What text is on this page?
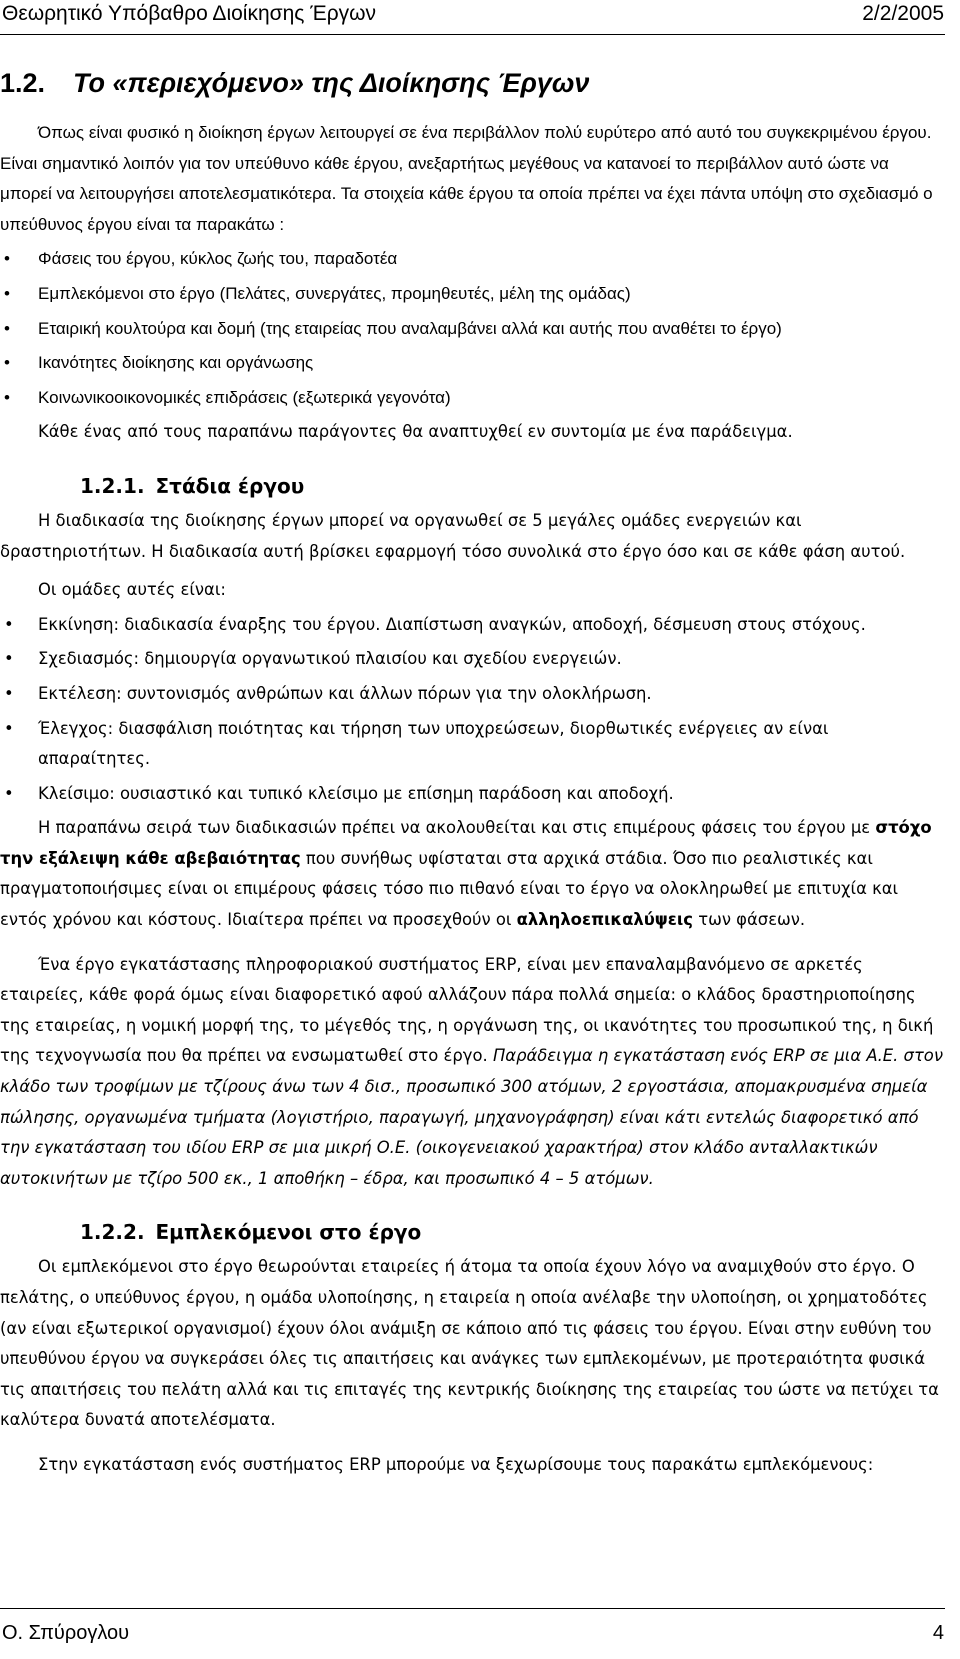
Θεωρητικό Υπόβαθρο Διοίκησης Έργων	2/2/2005
1.2. Το «περιεχόμενο» της Διοίκησης Έργων

Όπως είναι φυσικό η διοίκηση έργων λειτουργεί σε ένα περιβάλλον πολύ ευρύτερο από αυτό του συγκεκριμένου έργου. Είναι σημαντικό λοιπόν για τον υπεύθυνο κάθε έργου, ανεξαρτήτως μεγέθους να κατανοεί το περιβάλλον αυτό ώστε να μπορεί να λειτουργήσει αποτελεσματικότερα. Τα στοιχεία κάθε έργου τα οποία πρέπει να έχει πάντα υπόψη στο σχεδιασμό ο υπεύθυνος έργου είναι τα παρακάτω :

• Φάσεις του έργου, κύκλος ζωής του, παραδοτέα
• Εμπλεκόμενοι στο έργο (Πελάτες, συνεργάτες, προμηθευτές, μέλη της ομάδας)
• Εταιρική κουλτούρα και δομή (της εταιρείας που αναλαμβάνει αλλά και αυτής που αναθέτει το έργο)
• Ικανότητες διοίκησης και οργάνωσης
• Κοινωνικοοικονομικές επιδράσεις (εξωτερικά γεγονότα)

Κάθε ένας από τους παραπάνω παράγοντες θα αναπτυχθεί εν συντομία με ένα παράδειγμα.

1.2.1. Στάδια έργου

Η διαδικασία της διοίκησης έργων μπορεί να οργανωθεί σε 5 μεγάλες ομάδες ενεργειών και δραστηριοτήτων. Η διαδικασία αυτή βρίσκει εφαρμογή τόσο συνολικά στο έργο όσο και σε κάθε φάση αυτού.

Οι ομάδες αυτές είναι:

• Εκκίνηση: διαδικασία έναρξης του έργου. Διαπίστωση αναγκών, αποδοχή, δέσμευση στους στόχους.
• Σχεδιασμός: δημιουργία οργανωτικού πλαισίου και σχεδίου ενεργειών.
• Εκτέλεση: συντονισμός ανθρώπων και άλλων πόρων για την ολοκλήρωση.
• Έλεγχος: διασφάλιση ποιότητας και τήρηση των υποχρεώσεων, διορθωτικές ενέργειες αν είναι απαραίτητες.
• Κλείσιμο: ουσιαστικό και τυπικό κλείσιμο με επίσημη παράδοση και αποδοχή.

Η παραπάνω σειρά των διαδικασιών πρέπει να ακολουθείται και στις επιμέρους φάσεις του έργου με στόχο την εξάλειψη κάθε αβεβαιότητας που συνήθως υφίσταται στα αρχικά στάδια. Όσο πιο ρεαλιστικές και πραγματοποιήσιμες είναι οι επιμέρους φάσεις τόσο πιο πιθανό είναι το έργο να ολοκληρωθεί με επιτυχία και εντός χρόνου και κόστους. Ιδιαίτερα πρέπει να προσεχθούν οι αλληλοεπικαλύψεις των φάσεων.

Ένα έργο εγκατάστασης πληροφοριακού συστήματος ERP, είναι μεν επαναλαμβανόμενο σε αρκετές εταιρείες, κάθε φορά όμως είναι διαφορετικό αφού αλλάζουν πάρα πολλά σημεία: ο κλάδος δραστηριοποίησης της εταιρείας, η νομική μορφή της, το μέγεθός της, η οργάνωση της, οι ικανότητες του προσωπικού της, η δική της τεχνογνωσία που θα πρέπει να ενσωματωθεί στο έργο. Παράδειγμα η εγκατάσταση ενός ERP σε μια Α.Ε. στον κλάδο των τροφίμων με τζίρους άνω των 4 δισ., προσωπικό 300 ατόμων, 2 εργοστάσια, απομακρυσμένα σημεία πώλησης, οργανωμένα τμήματα (λογιστήριο, παραγωγή, μηχανογράφηση) είναι κάτι εντελώς διαφορετικό από την εγκατάσταση του ιδίου ERP σε μια μικρή Ο.Ε. (οικογενειακού χαρακτήρα) στον κλάδο ανταλλακτικών αυτοκινήτων με τζίρο 500 εκ., 1 αποθήκη – έδρα, και προσωπικό 4 – 5 ατόμων.

1.2.2. Εμπλεκόμενοι στο έργο

Οι εμπλεκόμενοι στο έργο θεωρούνται εταιρείες ή άτομα τα οποία έχουν λόγο να αναμιχθούν στο έργο. Ο πελάτης, ο υπεύθυνος έργου, η ομάδα υλοποίησης, η εταιρεία η οποία ανέλαβε την υλοποίηση, οι χρηματοδότες (αν είναι εξωτερικοί οργανισμοί) έχουν όλοι ανάμιξη σε κάποιο από τις φάσεις του έργου. Είναι στην ευθύνη του υπευθύνου έργου να συγκεράσει όλες τις απαιτήσεις και ανάγκες των εμπλεκομένων, με προτεραιότητα φυσικά τις απαιτήσεις του πελάτη αλλά και τις επιταγές της κεντρικής διοίκησης της εταιρείας του ώστε να πετύχει τα καλύτερα δυνατά αποτελέσματα.

Στην εγκατάσταση ενός συστήματος ERP μπορούμε να ξεχωρίσουμε τους παρακάτω εμπλεκόμενους:

Ο. Σπύρογλου	4
